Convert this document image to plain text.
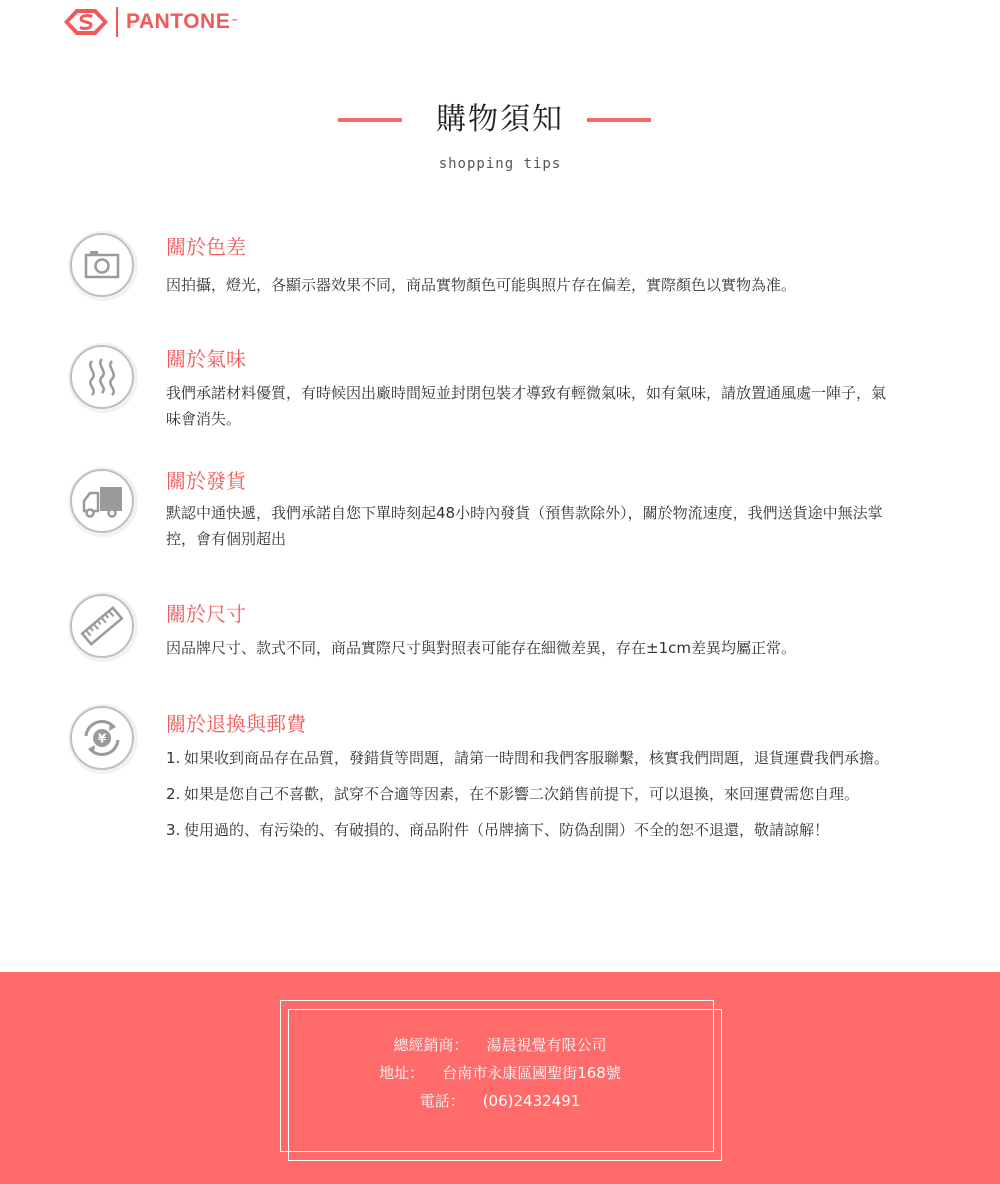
PANTONE ™
購物須知
shopping tips
關於色差
因拍攝，燈光，各顯示器效果不同，商品實物顏色可能與照片存在偏差，實際顏色以實物為准。
關於氣味
我們承諾材料優質，有時候因出廠時間短並封閉包裝才導致有輕微氣味，如有氣味，請放置通風處一陣子，氣味會消失。
關於發貨
默認中通快遞，我們承諾自您下單時刻起48小時內發貨（預售款除外），關於物流速度，我們送貨途中無法掌控，會有個別超出
關於尺寸
因品牌尺寸、款式不同，商品實際尺寸與對照表可能存在細微差異，存在±1cm差異均屬正常。
¥
關於退換與郵費
1. 如果收到商品存在品質，發錯貨等問題，請第一時間和我們客服聯繫，核實我們問題，退貨運費我們承擔。
2. 如果是您自己不喜歡，試穿不合適等因素，在不影響二次銷售前提下，可以退換，來回運費需您自理。
3. 使用過的、有污染的、有破損的、商品附件（吊牌摘下、防偽刮開）不全的恕不退還，敬請諒解！
總經銷商： 湯晨視覺有限公司
地址： 台南市永康區國聖街168號
電話： (06)2432491
